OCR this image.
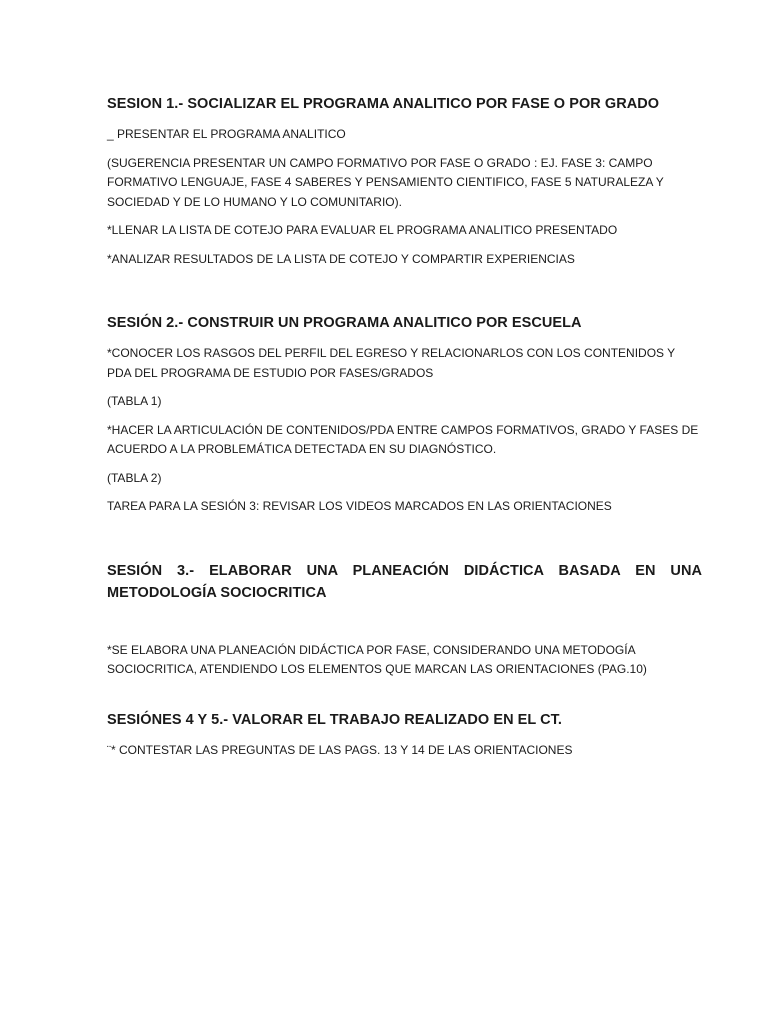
SESION 1.- SOCIALIZAR EL PROGRAMA ANALITICO POR FASE O POR GRADO

_ PRESENTAR EL PROGRAMA ANALITICO

(SUGERENCIA PRESENTAR UN CAMPO FORMATIVO POR FASE O GRADO : EJ. FASE 3: CAMPO FORMATIVO LENGUAJE, FASE 4 SABERES Y PENSAMIENTO CIENTIFICO, FASE 5 NATURALEZA Y SOCIEDAD Y DE LO HUMANO Y LO COMUNITARIO).

*LLENAR LA LISTA DE COTEJO PARA EVALUAR EL PROGRAMA ANALITICO PRESENTADO

*ANALIZAR RESULTADOS DE LA LISTA DE COTEJO Y COMPARTIR EXPERIENCIAS

SESIÓN 2.- CONSTRUIR UN PROGRAMA ANALITICO POR ESCUELA

*CONOCER LOS RASGOS DEL PERFIL DEL EGRESO Y RELACIONARLOS CON LOS CONTENIDOS Y PDA DEL PROGRAMA DE ESTUDIO POR FASES/GRADOS

(TABLA 1)

*HACER LA ARTICULACIÓN DE CONTENIDOS/PDA ENTRE CAMPOS FORMATIVOS, GRADO Y FASES DE ACUERDO A LA PROBLEMÁTICA DETECTADA EN SU DIAGNÓSTICO.

(TABLA 2)

TAREA PARA LA SESIÓN 3: REVISAR LOS VIDEOS MARCADOS EN LAS ORIENTACIONES

SESIÓN 3.- ELABORAR UNA PLANEACIÓN DIDÁCTICA BASADA EN UNA METODOLOGÍA SOCIOCRITICA

*SE ELABORA UNA PLANEACIÓN DIDÁCTICA POR FASE, CONSIDERANDO UNA METODOGÍA SOCIOCRITICA, ATENDIENDO LOS ELEMENTOS QUE MARCAN LAS ORIENTACIONES (PAG.10)

SESIÓNES 4 Y 5.- VALORAR EL TRABAJO REALIZADO EN EL CT.

¨* CONTESTAR LAS PREGUNTAS DE LAS PAGS. 13 Y 14 DE LAS ORIENTACIONES
